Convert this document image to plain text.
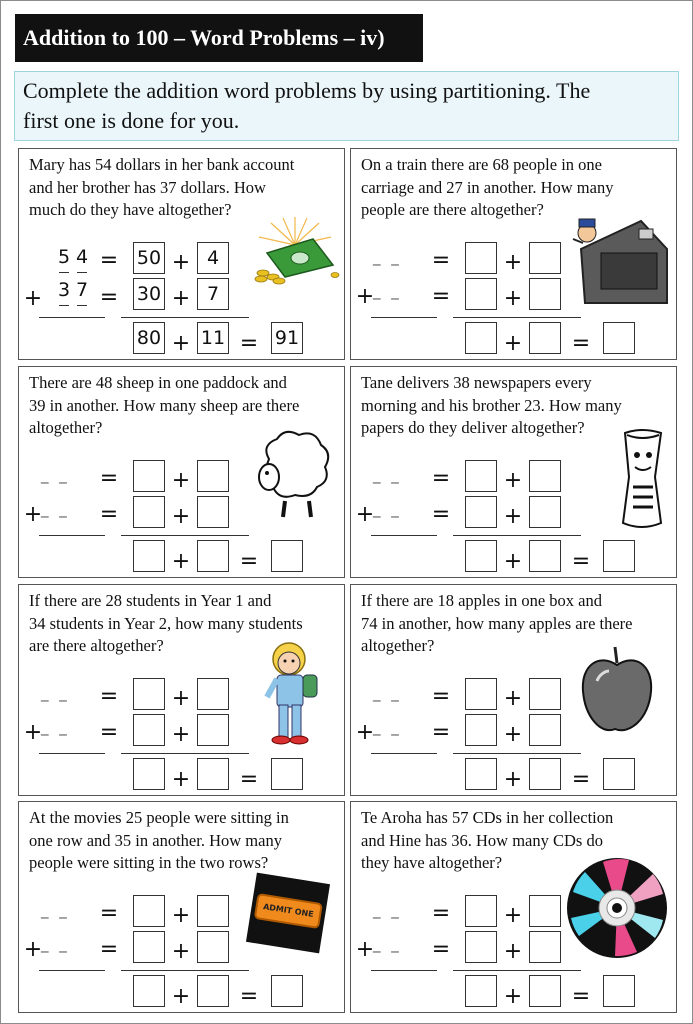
Addition to 100 – Word Problems – iv)
Complete the addition word problems by using partitioning. The
first one is done for you.
Mary has 54 dollars in her bank account
and her brother has 37 dollars. How
much do they have altogether?
5 4 = 50 + 4
+ 3 7 = 30 + 7
80 + 11 = 91
On a train there are 68 people in one
carriage and 27 in another. How many
people are there altogether?
_ _ = +
+
_ _ = +
+ =
There are 48 sheep in one paddock and
39 in another. How many sheep are there
altogether?
_ _ = +
+
_ _ = +
+ =
Tane delivers 38 newspapers every
morning and his brother 23. How many
papers do they deliver altogether?
_ _ = +
+
_ _ = +
+ =
If there are 28 students in Year 1 and
34 students in Year 2, how many students
are there altogether?
_ _ = +
+
_ _ = +
+ =
If there are 18 apples in one box and
74 in another, how many apples are there
altogether?
_ _ = +
+
_ _ = +
+ =
At the movies 25 people were sitting in
one row and 35 in another. How many
people were sitting in the two rows?
ADMIT ONE
_ _ = +
+
_ _ = +
+ =
Te Aroha has 57 CDs in her collection
and Hine has 36. How many CDs do
they have altogether?
_ _ = +
+
_ _ = +
+ =
